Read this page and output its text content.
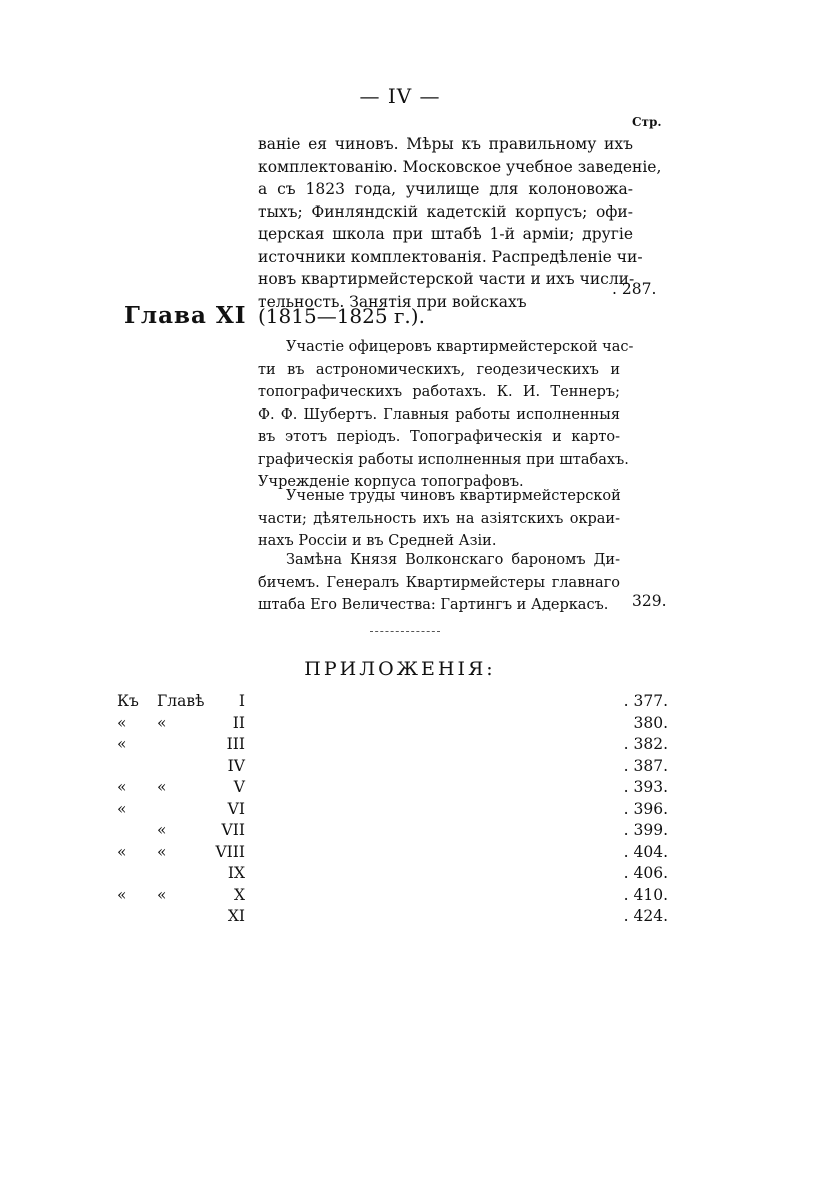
— IV —
Стр.
ваніе ея чиновъ. Мѣры къ правильному ихъ
комплектованію. Московское учебное заведеніе,
а съ 1823 года, училище для колоновожа-
тыхъ; Финляндскій кадетскій корпусъ; офи-
церская школа при штабѣ 1-й арміи; другіе
источники комплектованія. Распредѣленіе чи-
новъ квартирмейстерской части и ихъ числи-
тельность. Занятія при войскахъ
. 287.
Глава XI (1815—1825 г.).
Участіе офицеровъ квартирмейстерской час-
ти въ астрономическихъ, геодезическихъ и
топографическихъ работахъ. К. И. Теннеръ;
Ф. Ф. Шубертъ. Главныя работы исполненныя
въ этотъ періодъ. Топографическія и карто-
графическія работы исполненныя при штабахъ.
Учрежденіе корпуса топографовъ.
Ученые труды чиновъ квартирмейстерской
части; дѣятельность ихъ на азіятскихъ окраи-
нахъ Россіи и въ Средней Азіи.
Замѣна Князя Волконскаго барономъ Ди-
бичемъ. Генералъ Квартирмейстеры главнаго
штаба Его Величества: Гартингъ и Адеркасъ.	329.
ПРИЛОЖЕНІЯ:
Къ Главѣ	I	. 377.
« «	II	380.
«	III	. 382.
IV	. 387.
« «	V	. 393.
«	VI	. 396.
«	VII	. 399.
« «	VIII	. 404.
IX	. 406.
« «	X	. 410.
XI	. 424.
